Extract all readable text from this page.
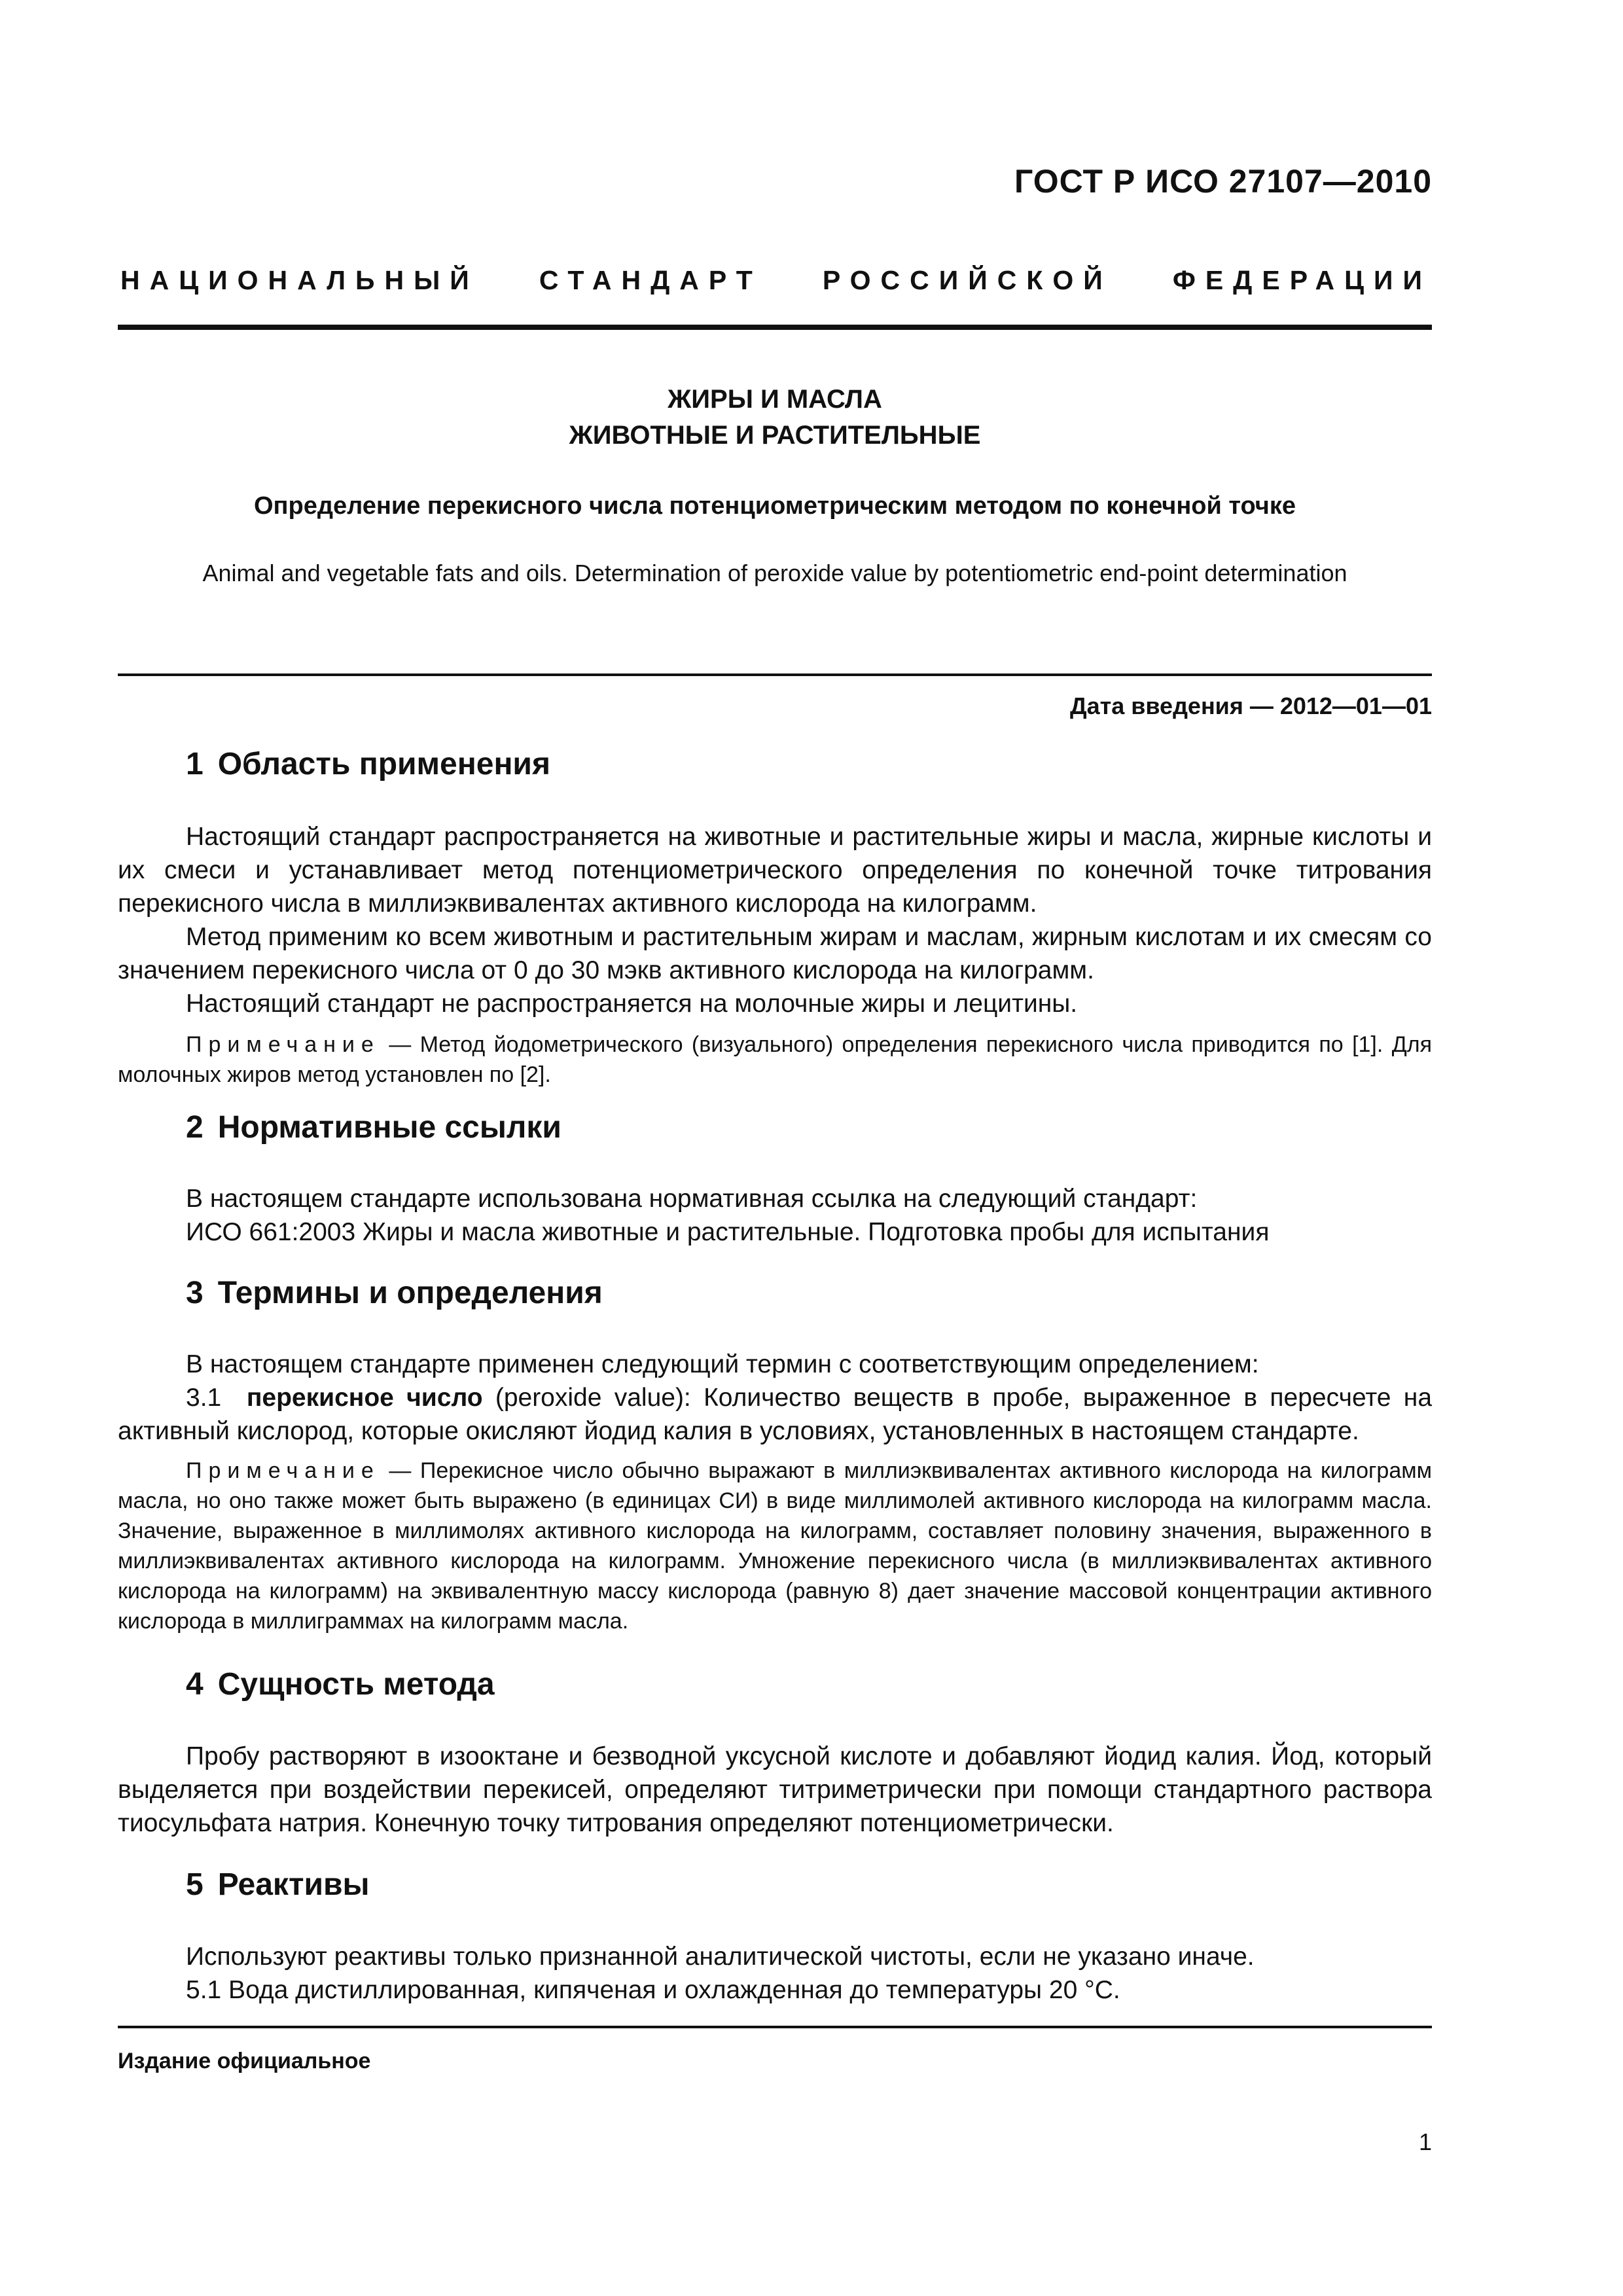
ГОСТ Р ИСО 27107—2010
НАЦИОНАЛЬНЫЙ СТАНДАРТ РОССИЙСКОЙ ФЕДЕРАЦИИ
ЖИРЫ И МАСЛА
ЖИВОТНЫЕ И РАСТИТЕЛЬНЫЕ
Определение перекисного числа потенциометрическим методом по конечной точке
Animal and vegetable fats and oils. Determination of peroxide value by potentiometric end-point determination
Дата введения — 2012—01—01
1 Область применения
Настоящий стандарт распространяется на животные и растительные жиры и масла, жирные кислоты и их смеси и устанавливает метод потенциометрического определения по конечной точке титрования перекисного числа в миллиэквивалентах активного кислорода на килограмм.
Метод применим ко всем животным и растительным жирам и маслам, жирным кислотам и их смесям со значением перекисного числа от 0 до 30 мэкв активного кислорода на килограмм.
Настоящий стандарт не распространяется на молочные жиры и лецитины.
Примечание — Метод йодометрического (визуального) определения перекисного числа приводится по [1]. Для молочных жиров метод установлен по [2].
2 Нормативные ссылки
В настоящем стандарте использована нормативная ссылка на следующий стандарт:
ИСО 661:2003 Жиры и масла животные и растительные. Подготовка пробы для испытания
3 Термины и определения
В настоящем стандарте применен следующий термин с соответствующим определением:
3.1 перекисное число (peroxide value): Количество веществ в пробе, выраженное в пересчете на активный кислород, которые окисляют йодид калия в условиях, установленных в настоящем стандарте.
Примечание — Перекисное число обычно выражают в миллиэквивалентах активного кислорода на килограмм масла, но оно также может быть выражено (в единицах СИ) в виде миллимолей активного кислорода на килограмм масла. Значение, выраженное в миллимолях активного кислорода на килограмм, составляет половину значения, выраженного в миллиэквивалентах активного кислорода на килограмм. Умножение перекисного числа (в миллиэквивалентах активного кислорода на килограмм) на эквивалентную массу кислорода (равную 8) дает значение массовой концентрации активного кислорода в миллиграммах на килограмм масла.
4 Сущность метода
Пробу растворяют в изооктане и безводной уксусной кислоте и добавляют йодид калия. Йод, который выделяется при воздействии перекисей, определяют титриметрически при помощи стандартного раствора тиосульфата натрия. Конечную точку титрования определяют потенциометрически.
5 Реактивы
Используют реактивы только признанной аналитической чистоты, если не указано иначе.
5.1 Вода дистиллированная, кипяченая и охлажденная до температуры 20 °С.
Издание официальное
1
